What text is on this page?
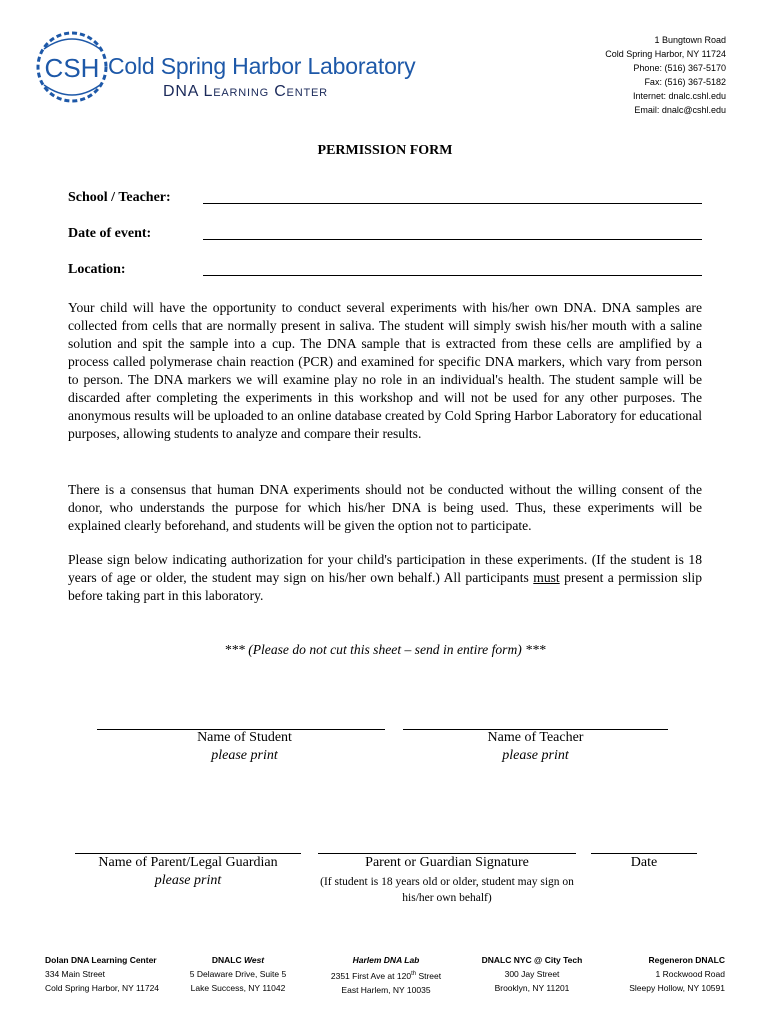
CSH Cold Spring Harbor Laboratory
DNA Learning Center
1 Bungtown Road
Cold Spring Harbor, NY 11724
Phone: (516) 367-5170
Fax: (516) 367-5182
Internet: dnalc.cshl.edu
Email: dnalc@cshl.edu
PERMISSION FORM
School / Teacher:
Date of event:
Location:
Your child will have the opportunity to conduct several experiments with his/her own DNA. DNA samples are collected from cells that are normally present in saliva. The student will simply swish his/her mouth with a saline solution and spit the sample into a cup. The DNA sample that is extracted from these cells are amplified by a process called polymerase chain reaction (PCR) and examined for specific DNA markers, which vary from person to person. The DNA markers we will examine play no role in an individual's health. The student sample will be discarded after completing the experiments in this workshop and will not be used for any other purposes. The anonymous results will be uploaded to an online database created by Cold Spring Harbor Laboratory for educational purposes, allowing students to analyze and compare their results.
There is a consensus that human DNA experiments should not be conducted without the willing consent of the donor, who understands the purpose for which his/her DNA is being used. Thus, these experiments will be explained clearly beforehand, and students will be given the option not to participate.
Please sign below indicating authorization for your child's participation in these experiments. (If the student is 18 years of age or older, the student may sign on his/her own behalf.) All participants must present a permission slip before taking part in this laboratory.
*** (Please do not cut this sheet – send in entire form) ***
Name of Student
please print
Name of Teacher
please print
Name of Parent/Legal Guardian
please print
Parent or Guardian Signature
(If student is 18 years old or older, student may sign on his/her own behalf)
Date
Dolan DNA Learning Center
334 Main Street
Cold Spring Harbor, NY 11724
DNALC West
5 Delaware Drive, Suite 5
Lake Success, NY 11042
Harlem DNA Lab
2351 First Ave at 120th Street
East Harlem, NY 10035
DNALC NYC @ City Tech
300 Jay Street
Brooklyn, NY 11201
Regeneron DNALC
1 Rockwood Road
Sleepy Hollow, NY 10591
